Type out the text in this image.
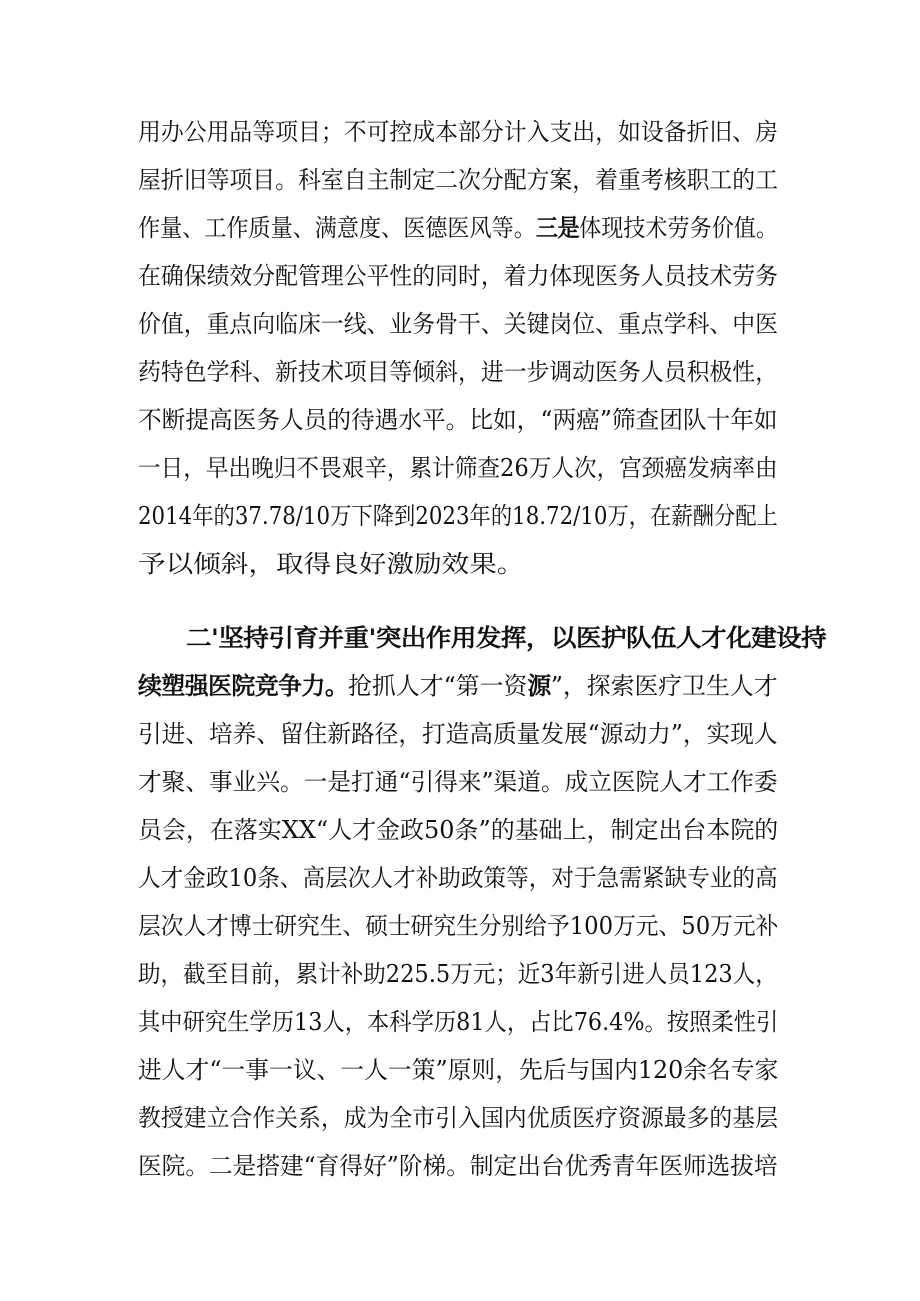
用办公用品等项目；不可控成本部分计入支出，如设备折旧、房
屋折旧等项目。科室自主制定二次分配方案，着重考核职工的工
作量、工作质量、满意度、医德医风等。三是体现技术劳务价值。
在确保绩效分配管理公平性的同时，着力体现医务人员技术劳务
价值，重点向临床一线、业务骨干、关键岗位、重点学科、中医
药特色学科、新技术项目等倾斜，进一步调动医务人员积极性，
不断提高医务人员的待遇水平。比如，“两癌”筛查团队十年如
一日，早出晚归不畏艰辛，累计筛查26万人次，宫颈癌发病率由
2014年的37.78/10万下降到2023年的18.72/10万，在薪酬分配上
予以倾斜，取得良好激励效果。
二'坚持引育并重'突出作用发挥，以医护队伍人才化建设持
续塑强医院竞争力。抢抓人才“第一资源”，探索医疗卫生人才
引进、培养、留住新路径，打造高质量发展“源动力”，实现人
才聚、事业兴。一是打通“引得来”渠道。成立医院人才工作委
员会，在落实XX“人才金政50条”的基础上，制定出台本院的
人才金政10条、高层次人才补助政策等，对于急需紧缺专业的高
层次人才博士研究生、硕士研究生分别给予100万元、50万元补
助，截至目前，累计补助225.5万元；近3年新引进人员123人，
其中研究生学历13人，本科学历81人，占比76.4%。按照柔性引
进人才“一事一议、一人一策”原则，先后与国内120余名专家
教授建立合作关系，成为全市引入国内优质医疗资源最多的基层
医院。二是搭建“育得好”阶梯。制定出台优秀青年医师选拔培
